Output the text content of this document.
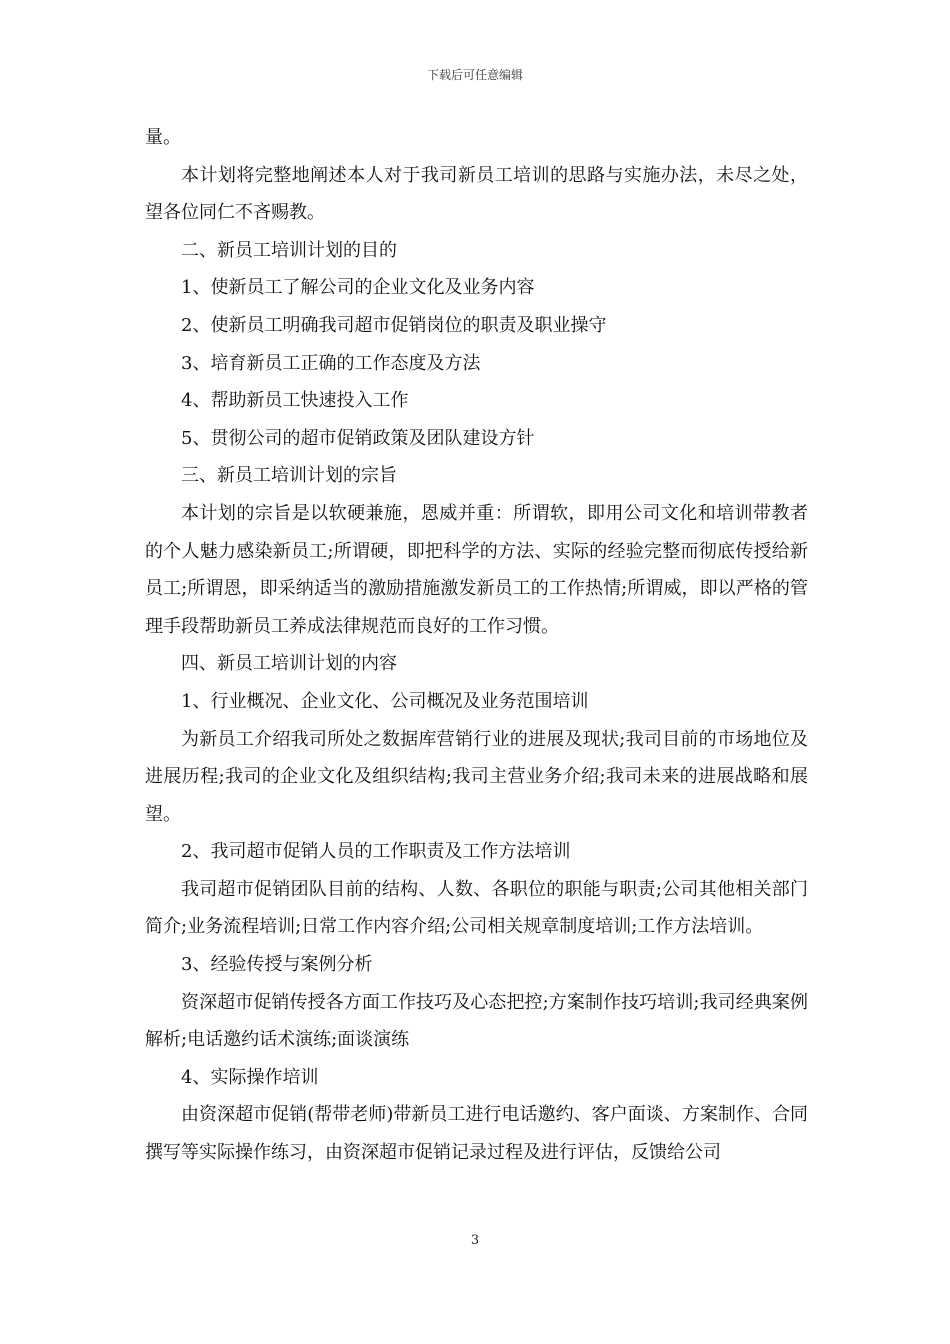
下载后可任意编辑

量。

本计划将完整地阐述本人对于我司新员工培训的思路与实施办法，未尽之处，望各位同仁不吝赐教。

二、新员工培训计划的目的

1、使新员工了解公司的企业文化及业务内容

2、使新员工明确我司超市促销岗位的职责及职业操守

3、培育新员工正确的工作态度及方法

4、帮助新员工快速投入工作

5、贯彻公司的超市促销政策及团队建设方针

三、新员工培训计划的宗旨

本计划的宗旨是以软硬兼施，恩威并重：所谓软，即用公司文化和培训带教者的个人魅力感染新员工;所谓硬，即把科学的方法、实际的经验完整而彻底传授给新员工;所谓恩，即采纳适当的激励措施激发新员工的工作热情;所谓威，即以严格的管理手段帮助新员工养成法律规范而良好的工作习惯。

四、新员工培训计划的内容

1、行业概况、企业文化、公司概况及业务范围培训

为新员工介绍我司所处之数据库营销行业的进展及现状;我司目前的市场地位及进展历程;我司的企业文化及组织结构;我司主营业务介绍;我司未来的进展战略和展望。

2、我司超市促销人员的工作职责及工作方法培训

我司超市促销团队目前的结构、人数、各职位的职能与职责;公司其他相关部门简介;业务流程培训;日常工作内容介绍;公司相关规章制度培训;工作方法培训。

3、经验传授与案例分析

资深超市促销传授各方面工作技巧及心态把控;方案制作技巧培训;我司经典案例解析;电话邀约话术演练;面谈演练

4、实际操作培训

由资深超市促销(帮带老师)带新员工进行电话邀约、客户面谈、方案制作、合同撰写等实际操作练习，由资深超市促销记录过程及进行评估，反馈给公司

3
